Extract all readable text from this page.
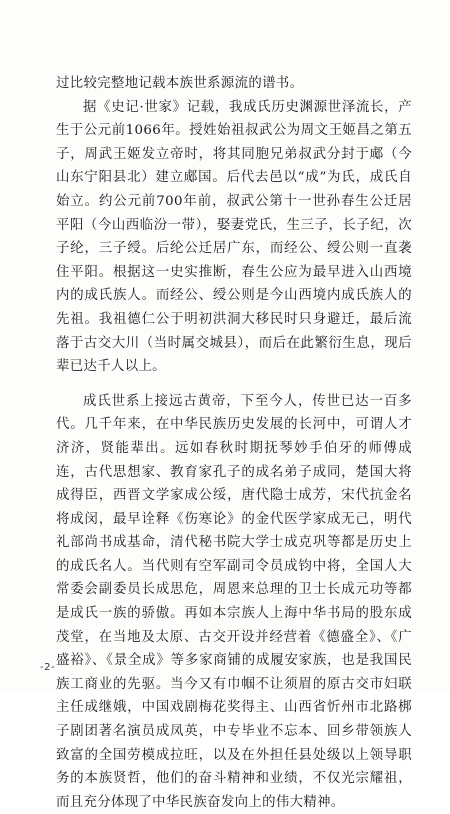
过比较完整地记载本族世系源流的谱书。

据《史记·世家》记载，我成氏历史渊源世泽流长，产生于公元前1066年。授姓始祖叔武公为周文王姬昌之第五子，周武王姬发立帝时，将其同胞兄弟叔武分封于郕（今山东宁阳县北）建立郕国。后代去邑以“成”为氏，成氏自始立。约公元前700年前，叔武公第十一世孙春生公迁居平阳（今山西临汾一带），娶妻党氏，生三子，长子纪，次子纶，三子绶。后纶公迁居广东，而经公、绶公则一直袭住平阳。根据这一史实推断，春生公应为最早进入山西境内的成氏族人。而经公、绶公则是今山西境内成氏族人的先祖。我祖德仁公于明初洪洞大移民时只身避迁，最后流落于古交大川（当时属交城县），而后在此繁衍生息，现后辈已达千人以上。

成氏世系上接远古黄帝，下至今人，传世已达一百多代。几千年来，在中华民族历史发展的长河中，可谓人才济济，贤能辈出。远如春秋时期抚琴妙手伯牙的师傅成连，古代思想家、教育家孔子的成名弟子成同，楚国大将成得臣，西晋文学家成公绥，唐代隐士成芳，宋代抗金名将成闵，最早诠释《伤寒论》的金代医学家成无己，明代礼部尚书成基命，清代秘书院大学士成克巩等都是历史上的成氏名人。当代则有空军副司令员成钧中将，全国人大常委会副委员长成思危，周恩来总理的卫士长成元功等都是成氏一族的骄傲。再如本宗族人上海中华书局的股东成茂堂，在当地及太原、古交开设并经营着《德盛全》、《广盛裕》、《景全成》等多家商铺的成履安家族，也是我国民族工商业的先驱。当今又有巾帼不让须眉的原古交市妇联主任成继娥，中国戏剧梅花奖得主、山西省忻州市北路梆子剧团著名演员成凤英，中专毕业不忘本、回乡带领族人致富的全国劳模成拉旺，以及在外担任县处级以上领导职务的本族贤哲，他们的奋斗精神和业绩，不仅光宗耀祖，而且充分体现了中华民族奋发向上的伟大精神。

-2-
